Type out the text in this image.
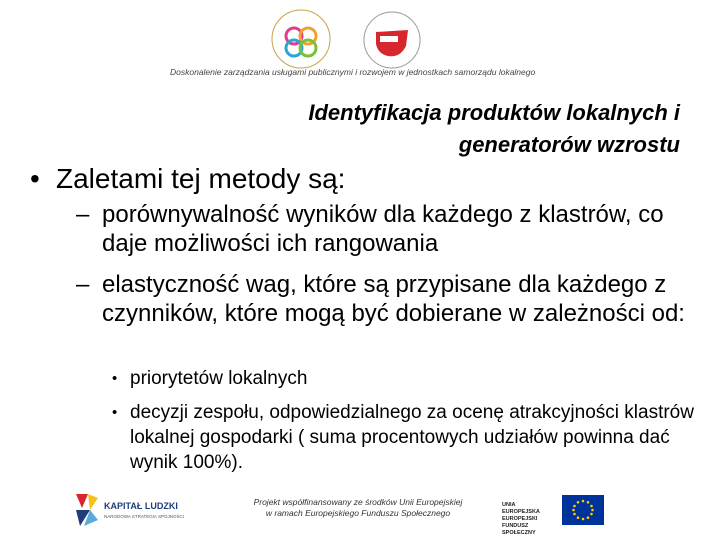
Doskonalenie zarządzania usługami publicznymi i rozwojem w jednostkach samorządu lokalnego
Identyfikacja produktów lokalnych i
generatorów wzrostu
• Zaletami tej metody są:
– porównywalność wyników dla każdego z klastrów, co daje możliwości ich rangowania
– elastyczność wag, które są przypisane dla każdego z czynników, które mogą być dobierane w zależności od:
• priorytetów lokalnych
• decyzji zespołu, odpowiedzialnego za ocenę atrakcyjności klastrów lokalnej gospodarki ( suma procentowych udziałów powinna dać wynik 100%).
KAPITAŁ LUDZKI
NARODOWA STRATEGIA SPÓJNOŚCI
Projekt współfinansowany ze środków Unii Europejskiej
w ramach Europejskiego Funduszu Społecznego
UNIA EUROPEJSKA
EUROPEJSKI
FUNDUSZ SPOŁECZNY
